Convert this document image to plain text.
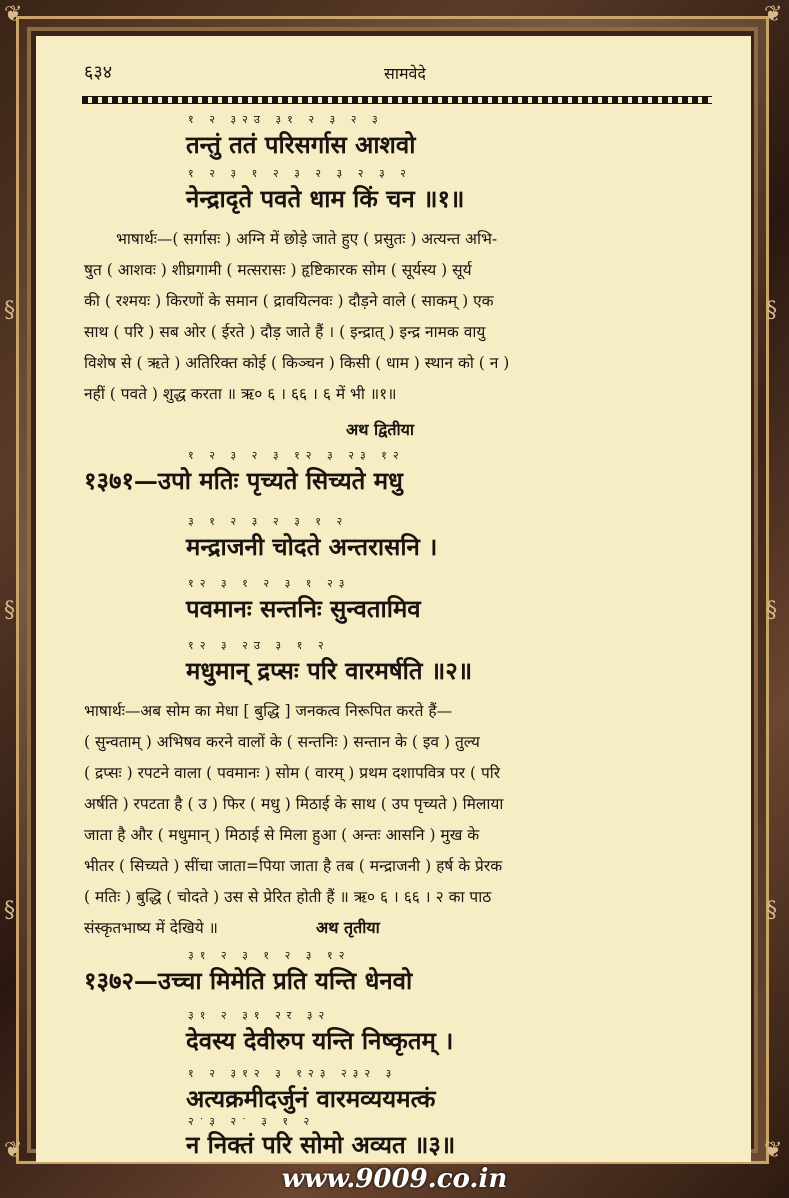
❦	❦
❦	❦
§
§
§
§
§
§
६३४	सामवेदे
१ २ ३२उ ३१ २ ३ २ ३
तन्तुं ततं परिसर्गास आशवो
१ २ ३ १ २ ३ २ ३ २ ३ २
नेन्द्रादृते पवते धाम किं चन ॥१॥
भाषार्थः—( सर्गासः ) अग्नि में छोड़े जाते हुए ( प्रसुतः ) अत्यन्त अभि-
षुत ( आशवः ) शीघ्रगामी ( मत्सरासः ) हृष्टिकारक सोम ( सूर्यस्य ) सूर्य
की ( रश्मयः ) किरणों के समान ( द्रावयित्नवः ) दौड़ने वाले ( साकम् ) एक
साथ ( परि ) सब ओर ( ईरते ) दौड़ जाते हैं । ( इन्द्रात् ) इन्द्र नामक वायु
विशेष से ( ऋते ) अतिरिक्त कोई ( किञ्चन ) किसी ( धाम ) स्थान को ( न )
नहीं ( पवते ) शुद्ध करता ॥ ऋ० ६ । ६६ । ६ में भी ॥१॥
अथ द्वितीया
१ २ ३ २ ३ १२ ३ २३ १२
१३७१—उपो मतिः पृच्यते सिच्यते मधु
३ १ २ ३ २ ३ १ २
मन्द्राजनी चोदते अन्तरासनि ।
१२ ३ १ २ ३ १ २३
पवमानः सन्तनिः सुन्वतामिव
१२ ३ २उ ३ १ २
मधुमान् द्रप्सः परि वारमर्षति ॥२॥
भाषार्थः—अब सोम का मेधा [ बुद्धि ] जनकत्व निरूपित करते हैं—
( सुन्वताम् ) अभिषव करने वालों के ( सन्तनिः ) सन्तान के ( इव ) तुल्य
( द्रप्सः ) रपटने वाला ( पवमानः ) सोम ( वारम् ) प्रथम दशापवित्र पर ( परि
अर्षति ) रपटता है ( उ ) फिर ( मधु ) मिठाई के साथ ( उप पृच्यते ) मिलाया
जाता है और ( मधुमान् ) मिठाई से मिला हुआ ( अन्तः आसनि ) मुख के
भीतर ( सिच्यते ) सींचा जाता=पिया जाता है तब ( मन्द्राजनी ) हर्ष के प्रेरक
( मतिः ) बुद्धि ( चोदते ) उस से प्रेरित होती हैं ॥ ऋ० ६ । ६६ । २ का पाठ
संस्कृतभाष्य में देखिये ॥	अथ तृतीया
३१ २ ३ १ २ ३ १२
१३७२—उच्चा मिमेति प्रति यन्ति धेनवो
३१ २ ३१ २र ३२
देवस्य देवीरुप यन्ति निष्कृतम् ।
१ २ ३१२ ३ १२३ २३२ ३
अत्यक्रमीदर्जुनं वारमव्ययमत्कं
२ॱ३ २ॱ ३ १ २
न निक्तं परि सोमो अव्यत ॥३॥
www.9009.co.in
